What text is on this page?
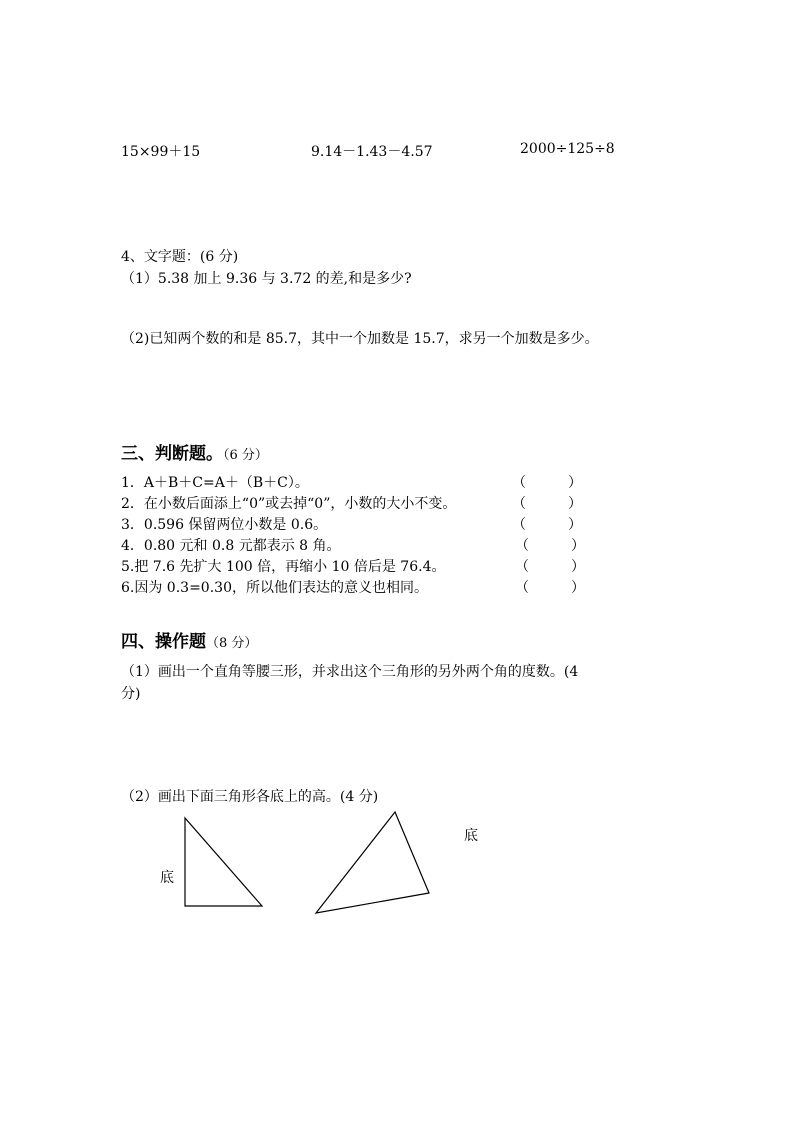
15×99＋15	9.14－1.43－4.57	2000÷125÷8
4、文字题：(6 分)
（1）5.38 加上 9.36 与 3.72 的差,和是多少?
（2)已知两个数的和是 85.7，其中一个加数是 15.7，求另一个加数是多少。
三、判断题。（6 分）
1．A＋B＋C=A＋（B＋C）。
2．在小数后面添上“0”或去掉“0”，小数的大小不变。
3．0.596 保留两位小数是 0.6。
4．0.80 元和 0.8 元都表示 8 角。
5.把 7.6 先扩大 100 倍，再缩小 10 倍后是 76.4。
6.因为 0.3=0.30，所以他们表达的意义也相同。
（　　　）
（　　　）
（　　　）
（　　　）
（　　　）
（　　　）
四、操作题（8 分）
（1）画出一个直角等腰三形，并求出这个三角形的另外两个角的度数。(4
分)
（2）画出下面三角形各底上的高。(4 分)
底
底
